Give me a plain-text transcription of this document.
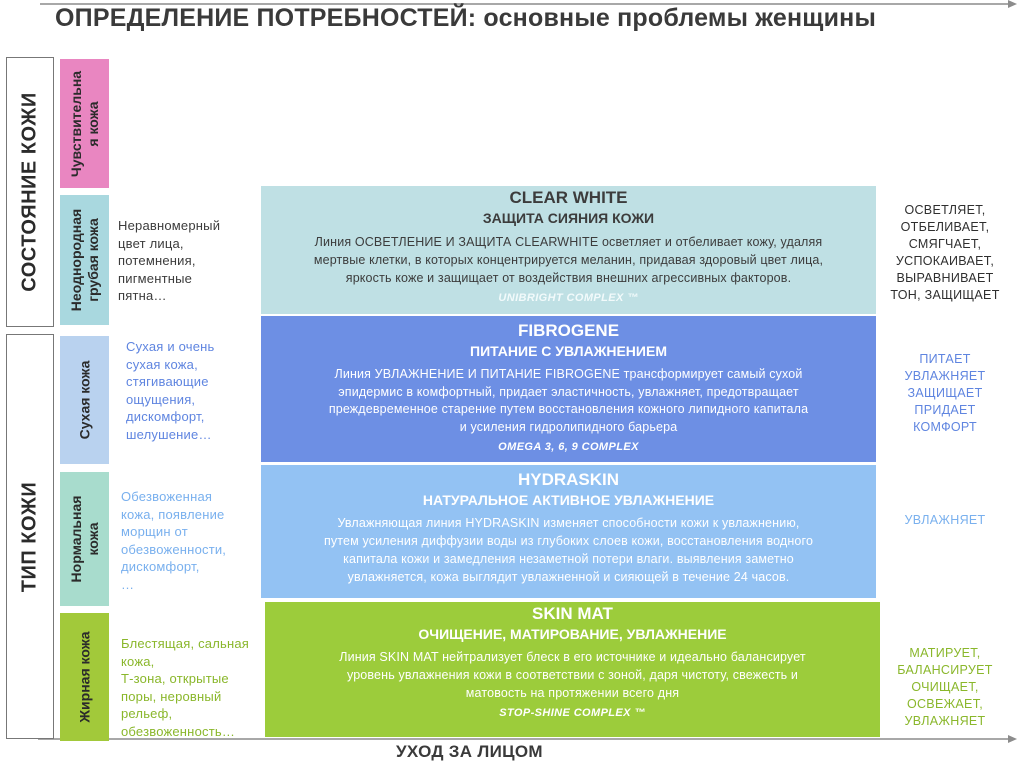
ОПРЕДЕЛЕНИЕ ПОТРЕБНОСТЕЙ: основные проблемы женщины
СОСТОЯНИЕ КОЖИ
ТИП КОЖИ
Чувствительна
я кожа
Неоднородная
грубая кожа
Сухая кожа
Нормальная
кожа
Жирная кожа
Неравномерный
цвет лица,
потемнения,
пигментные
пятна…
Сухая и очень
сухая кожа,
стягивающие
ощущения,
дискомфорт,
шелушение…
Обезвоженная
кожа, появление
морщин от
обезвоженности,
дискомфорт,
…
Блестящая, сальная
кожа,
Т-зона, открытые
поры, неровный
рельеф,
обезвоженность…
CLEAR WHITE
ЗАЩИТА СИЯНИЯ КОЖИ
Линия ОСВЕТЛЕНИЕ И ЗАЩИТА CLEARWHITE осветляет и отбеливает кожу, удаляя
мертвые клетки, в которых концентрируется меланин, придавая здоровый цвет лица,
яркость коже и защищает от воздействия внешних агрессивных факторов.
UNIBRIGHT COMPLEX ™
FIBROGENE
ПИТАНИЕ С УВЛАЖНЕНИЕМ
Линия УВЛАЖНЕНИЕ И ПИТАНИЕ FIBROGENE трансформирует самый сухой
эпидермис в комфортный, придает эластичность, увлажняет, предотвращает
преждевременное старение путем восстановления кожного липидного капитала
и усиления гидролипидного барьера
OMEGA 3, 6, 9 COMPLEX
HYDRASKIN
НАТУРАЛЬНОЕ АКТИВНОЕ УВЛАЖНЕНИЕ
Увлажняющая линия HYDRASKIN изменяет способности кожи к увлажнению,
путем усиления диффузии воды из глубоких слоев кожи, восстановления водного
капитала кожи и замедления незаметной потери влаги. выявления заметно
увлажняется, кожа выглядит увлажненной и сияющей в течение 24 часов.
SKIN MAT
ОЧИЩЕНИЕ, МАТИРОВАНИЕ, УВЛАЖНЕНИЕ
Линия SKIN MAT нейтрализует блеск в его источнике и идеально балансирует
уровень увлажнения кожи в соответствии с зоной, даря чистоту, свежесть и
матовость на протяжении всего дня
STOP-SHINE COMPLEX ™
ОСВЕТЛЯЕТ,
ОТБЕЛИВАЕТ,
СМЯГЧАЕТ,
УСПОКАИВАЕТ,
ВЫРАВНИВАЕТ
ТОН, ЗАЩИЩАЕТ
ПИТАЕТ
УВЛАЖНЯЕТ
ЗАЩИЩАЕТ
ПРИДАЕТ
КОМФОРТ
УВЛАЖНЯЕТ
МАТИРУЕТ,
БАЛАНСИРУЕТ
ОЧИЩАЕТ,
ОСВЕЖАЕТ,
УВЛАЖНЯЕТ
УХОД ЗА ЛИЦОМ
